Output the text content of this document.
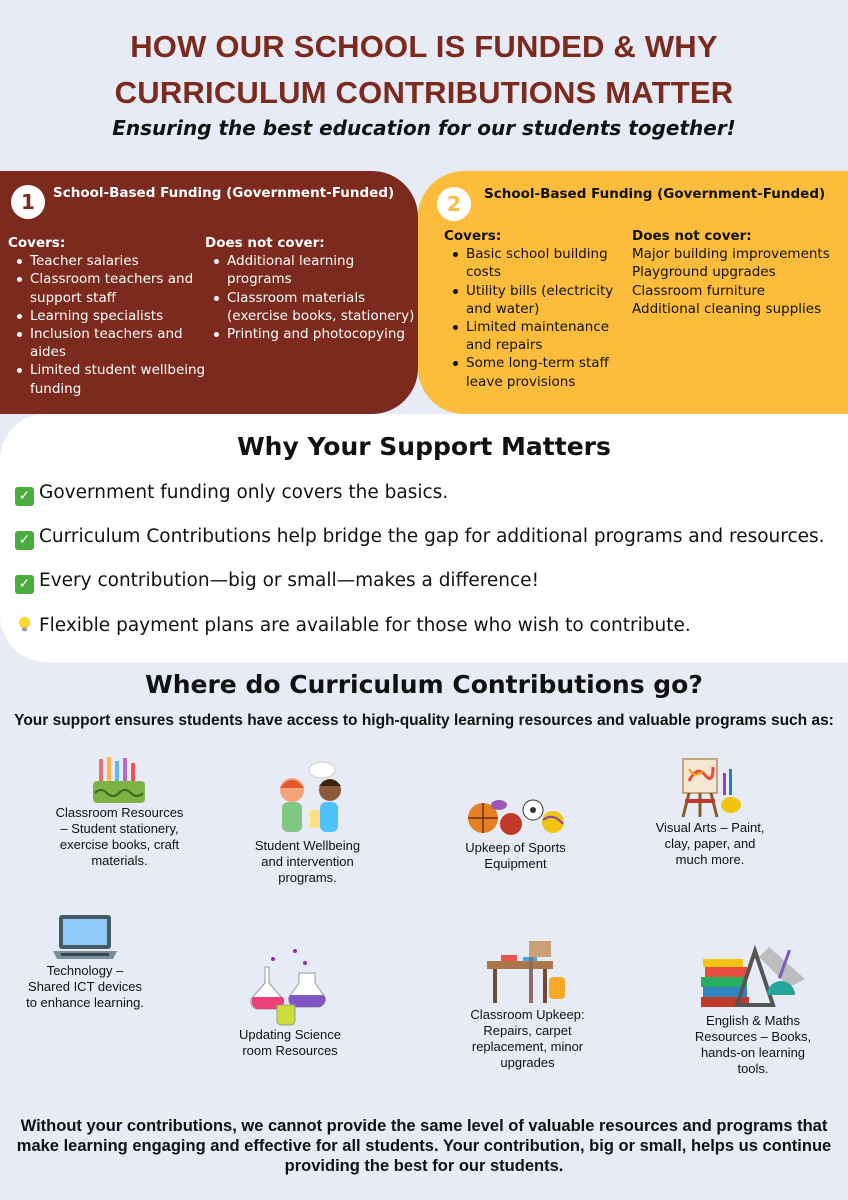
HOW OUR SCHOOL IS FUNDED & WHY
CURRICULUM CONTRIBUTIONS MATTER
Ensuring the best education for our students together!
1	School-Based Funding (Government-Funded)
Covers:
Teacher salaries
Classroom teachers and support staff
Learning specialists
Inclusion teachers and aides
Limited student wellbeing funding
Does not cover:
Additional learning programs
Classroom materials (exercise books, stationery)
Printing and photocopying
2	School-Based Funding (Government-Funded)
Covers:
Basic school building costs
Utility bills (electricity and water)
Limited maintenance and repairs
Some long-term staff leave provisions
Does not cover:
Major building improvements
Playground upgrades
Classroom furniture
Additional cleaning supplies
Why Your Support Matters
✓ Government funding only covers the basics.
✓ Curriculum Contributions help bridge the gap for additional programs and resources.
✓ Every contribution—big or small—makes a difference!
Flexible payment plans are available for those who wish to contribute.
Where do Curriculum Contributions go?
Your support ensures students have access to high-quality learning resources and valuable programs such as:
Classroom Resources – Student stationery, exercise books, craft materials.
Student Wellbeing and intervention programs.
Upkeep of Sports Equipment
Visual Arts – Paint, clay, paper, and much more.
Technology – Shared ICT devices to enhance learning.
Updating Science room Resources
Classroom Upkeep: Repairs, carpet replacement, minor upgrades
English & Maths Resources – Books, hands-on learning tools.
Without your contributions, we cannot provide the same level of valuable resources and programs that make learning engaging and effective for all students. Your contribution, big or small, helps us continue providing the best for our students.
